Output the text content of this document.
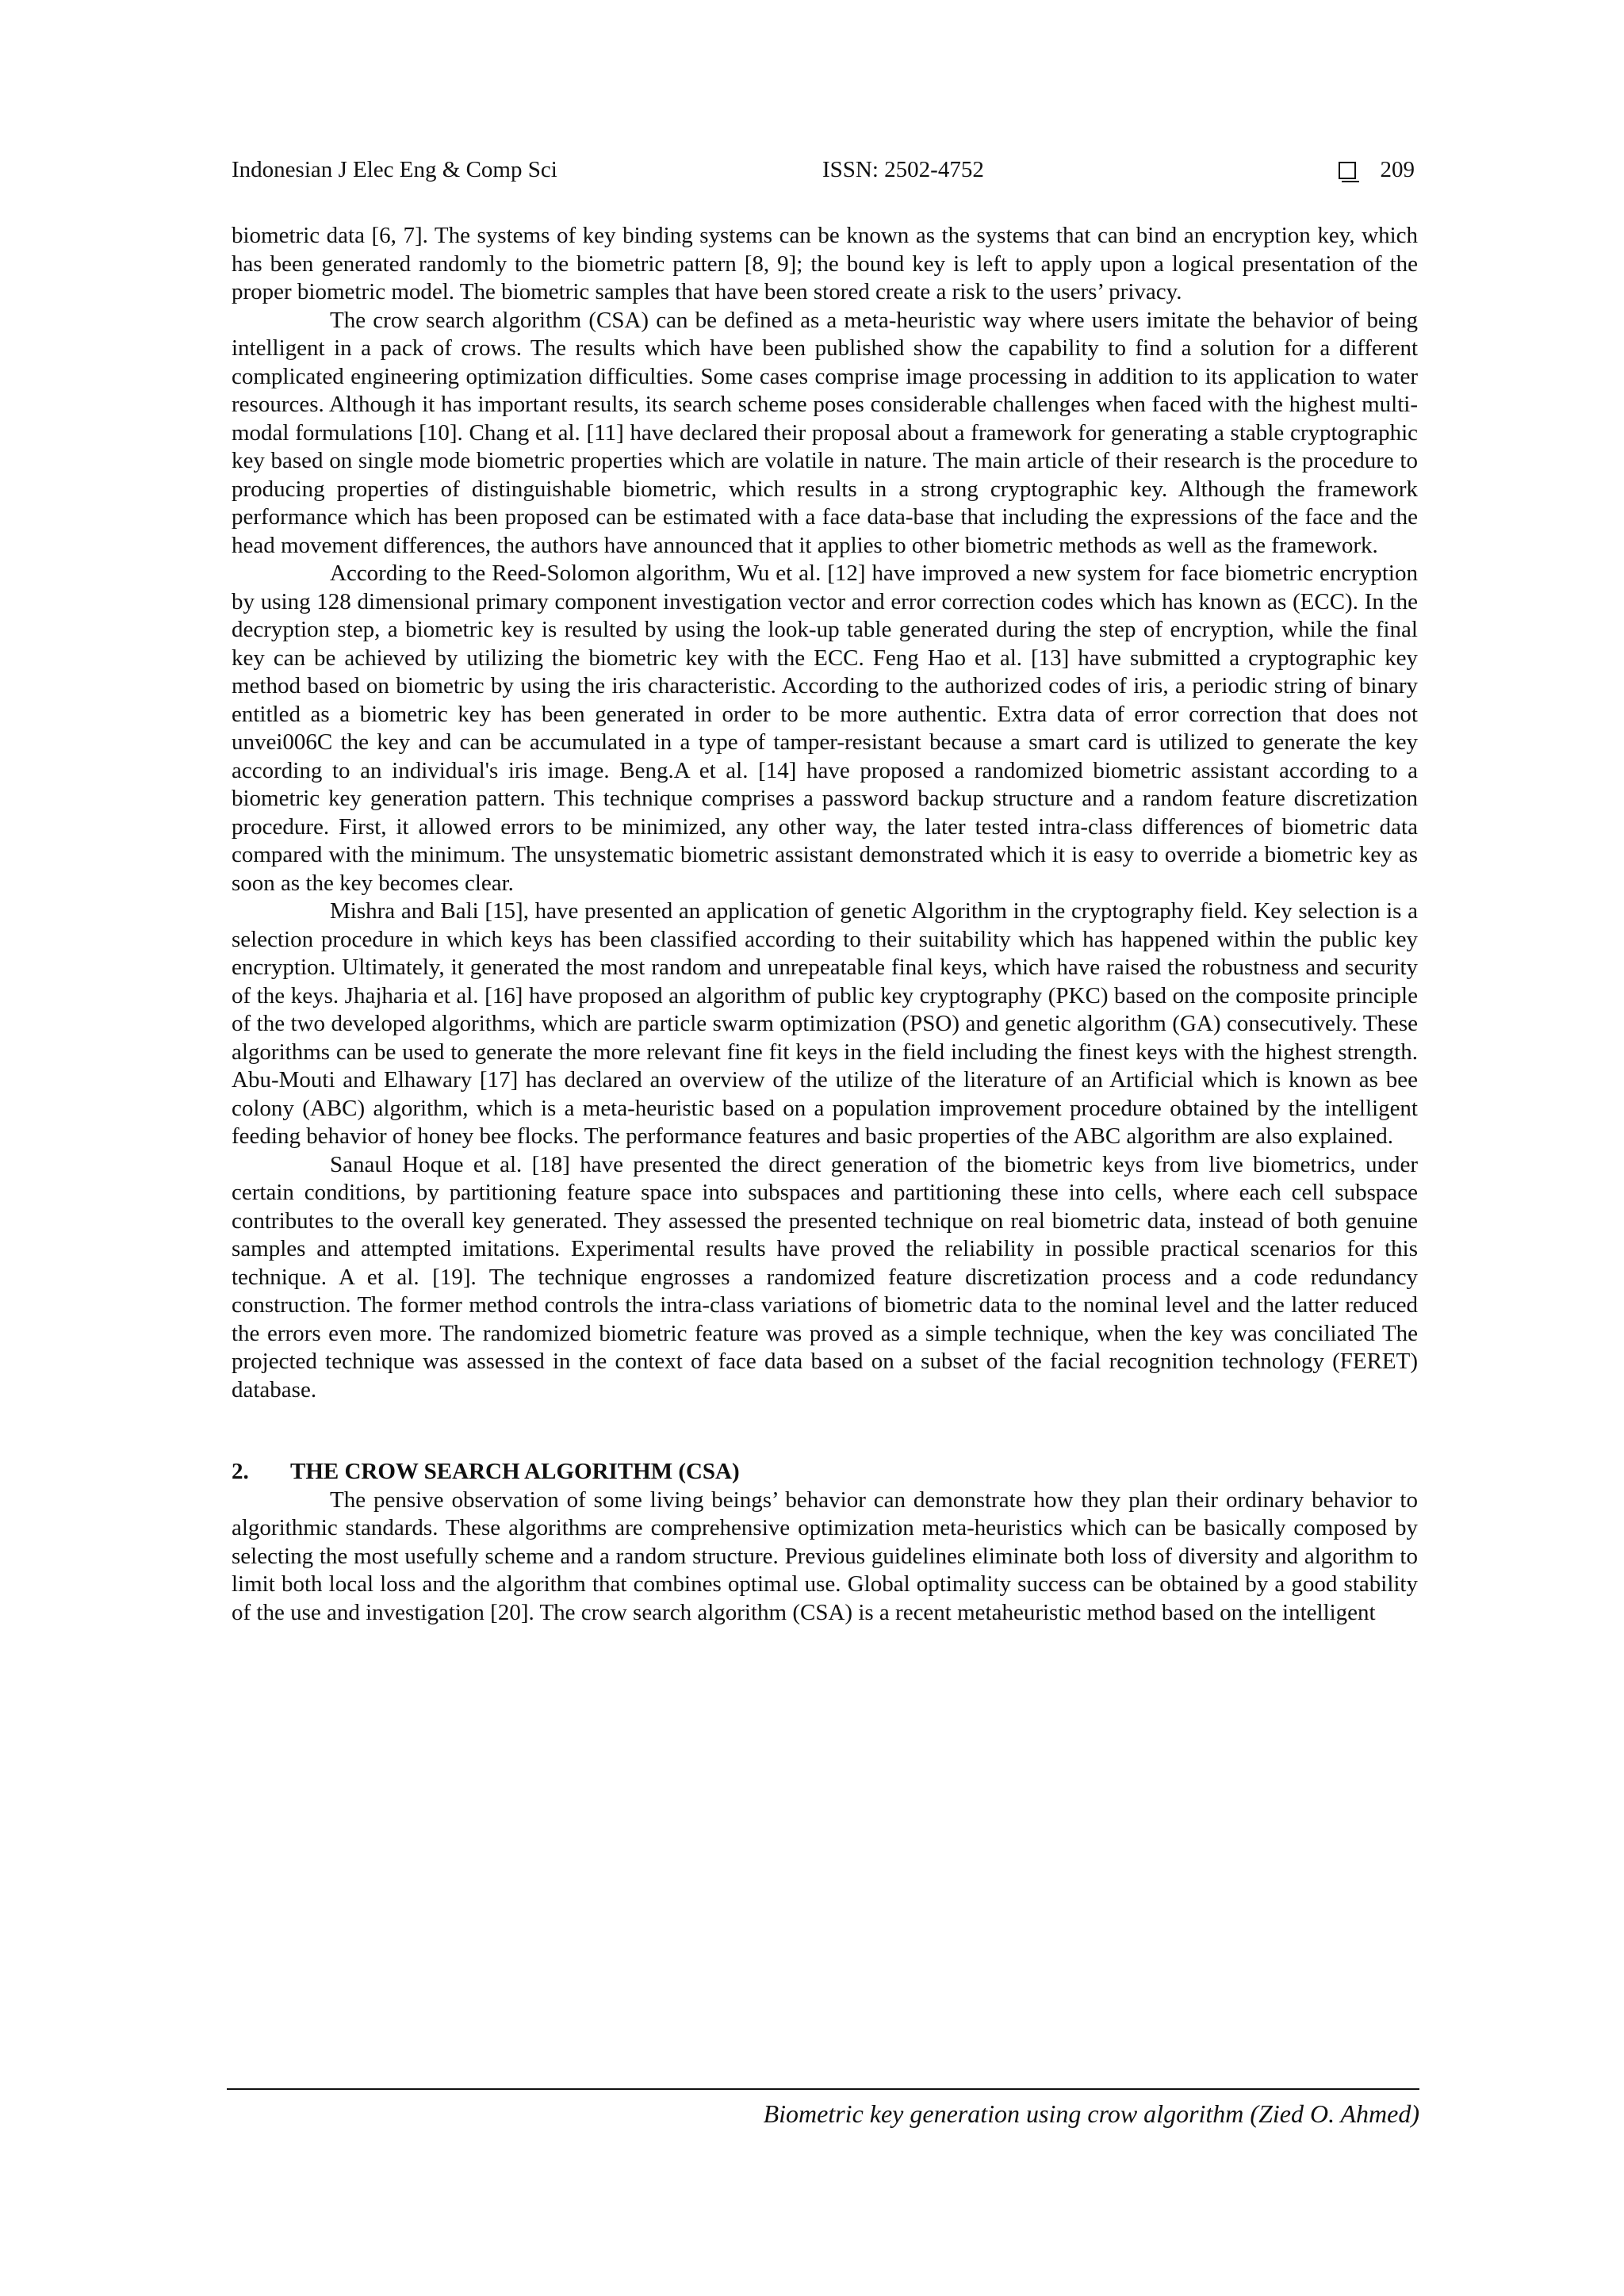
Indonesian J Elec Eng & Comp Sci	ISSN: 2502-4752	209

biometric data [6, 7]. The systems of key binding systems can be known as the systems that can bind an encryption key, which has been generated randomly to the biometric pattern [8, 9]; the bound key is left to apply upon a logical presentation of the proper biometric model. The biometric samples that have been stored create a risk to the users’ privacy.

The crow search algorithm (CSA) can be defined as a meta-heuristic way where users imitate the behavior of being intelligent in a pack of crows. The results which have been published show the capability to find a solution for a different complicated engineering optimization difficulties. Some cases comprise image processing in addition to its application to water resources. Although it has important results, its search scheme poses considerable challenges when faced with the highest multi-modal formulations [10]. Chang et al. [11] have declared their proposal about a framework for generating a stable cryptographic key based on single mode biometric properties which are volatile in nature. The main article of their research is the procedure to producing properties of distinguishable biometric, which results in a strong cryptographic key. Although the framework performance which has been proposed can be estimated with a face data-base that including the expressions of the face and the head movement differences, the authors have announced that it applies to other biometric methods as well as the framework.

According to the Reed-Solomon algorithm, Wu et al. [12] have improved a new system for face biometric encryption by using 128 dimensional primary component investigation vector and error correction codes which has known as (ECC). In the decryption step, a biometric key is resulted by using the look-up table generated during the step of encryption, while the final key can be achieved by utilizing the biometric key with the ECC. Feng Hao et al. [13] have submitted a cryptographic key method based on biometric by using the iris characteristic. According to the authorized codes of iris, a periodic string of binary entitled as a biometric key has been generated in order to be more authentic. Extra data of error correction that does not unvei006C the key and can be accumulated in a type of tamper-resistant because a smart card is utilized to generate the key according to an individual's iris image. Beng.A et al. [14] have proposed a randomized biometric assistant according to a biometric key generation pattern. This technique comprises a password backup structure and a random feature discretization procedure. First, it allowed errors to be minimized, any other way, the later tested intra-class differences of biometric data compared with the minimum. The unsystematic biometric assistant demonstrated which it is easy to override a biometric key as soon as the key becomes clear.

Mishra and Bali [15], have presented an application of genetic Algorithm in the cryptography field. Key selection is a selection procedure in which keys has been classified according to their suitability which has happened within the public key encryption. Ultimately, it generated the most random and unrepeatable final keys, which have raised the robustness and security of the keys. Jhajharia et al. [16] have proposed an algorithm of public key cryptography (PKC) based on the composite principle of the two developed algorithms, which are particle swarm optimization (PSO) and genetic algorithm (GA) consecutively. These algorithms can be used to generate the more relevant fine fit keys in the field including the finest keys with the highest strength. Abu-Mouti and Elhawary [17] has declared an overview of the utilize of the literature of an Artificial which is known as bee colony (ABC) algorithm, which is a meta-heuristic based on a population improvement procedure obtained by the intelligent feeding behavior of honey bee flocks. The performance features and basic properties of the ABC algorithm are also explained.

Sanaul Hoque et al. [18] have presented the direct generation of the biometric keys from live biometrics, under certain conditions, by partitioning feature space into subspaces and partitioning these into cells, where each cell subspace contributes to the overall key generated. They assessed the presented technique on real biometric data, instead of both genuine samples and attempted imitations. Experimental results have proved the reliability in possible practical scenarios for this technique. A et al. [19]. The technique engrosses a randomized feature discretization process and a code redundancy construction. The former method controls the intra-class variations of biometric data to the nominal level and the latter reduced the errors even more. The randomized biometric feature was proved as a simple technique, when the key was conciliated The projected technique was assessed in the context of face data based on a subset of the facial recognition technology (FERET) database.

2. THE CROW SEARCH ALGORITHM (CSA)

The pensive observation of some living beings’ behavior can demonstrate how they plan their ordinary behavior to algorithmic standards. These algorithms are comprehensive optimization meta-heuristics which can be basically composed by selecting the most usefully scheme and a random structure. Previous guidelines eliminate both loss of diversity and algorithm to limit both local loss and the algorithm that combines optimal use. Global optimality success can be obtained by a good stability of the use and investigation [20]. The crow search algorithm (CSA) is a recent metaheuristic method based on the intelligent

Biometric key generation using crow algorithm (Zied O. Ahmed)
